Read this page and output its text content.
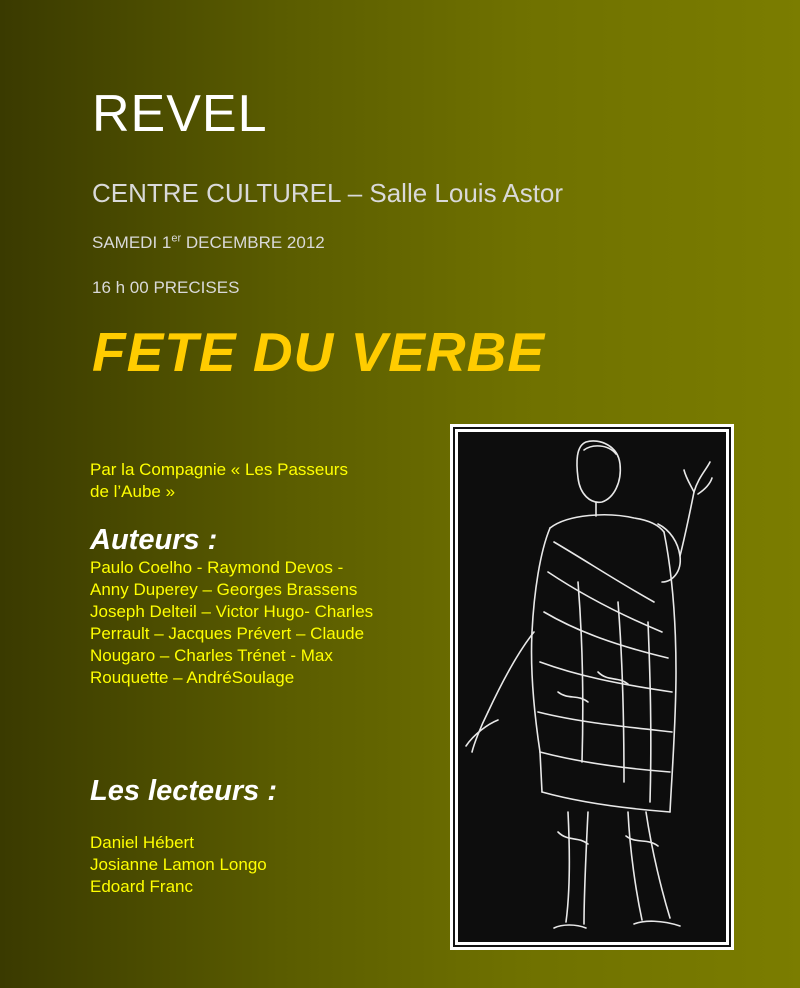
REVEL
CENTRE CULTUREL – Salle Louis Astor
SAMEDI 1er DECEMBRE 2012
16 h 00 PRECISES
FETE DU VERBE
Par la Compagnie « Les Passeurs de l’Aube »
Auteurs :
Paulo Coelho - Raymond Devos - Anny Duperey – Georges Brassens Joseph Delteil – Victor Hugo- Charles Perrault – Jacques Prévert – Claude Nougaro – Charles Trénet - Max Rouquette – AndréSoulage
Les lecteurs :
Daniel Hébert
Josianne Lamon Longo
Edoard Franc
